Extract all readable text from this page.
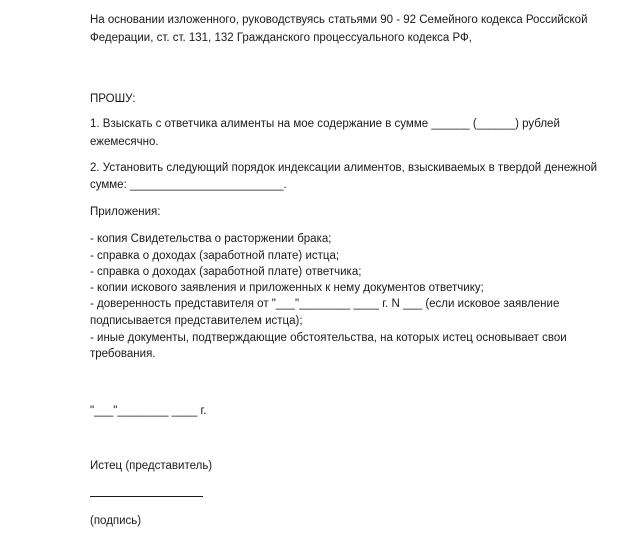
На основании изложенного, руководствуясь статьями 90 - 92 Семейного кодекса Российской
Федерации, ст. ст. 131, 132 Гражданского процессуального кодекса РФ,
ПРОШУ:
1. Взыскать с ответчика алименты на мое содержание в сумме ______ (______) рублей
ежемесячно.
2. Установить следующий порядок индексации алиментов, взыскиваемых в твердой денежной
сумме: ________________________.
Приложения:
- копия Свидетельства о расторжении брака;
- справка о доходах (заработной плате) истца;
- справка о доходах (заработной плате) ответчика;
- копии искового заявления и приложенных к нему документов ответчику;
- доверенность представителя от "___"________ ____ г. N ___ (если исковое заявление
подписывается представителем истца);
- иные документы, подтверждающие обстоятельства, на которых истец основывает свои
требования.
"___"________ ____ г.
Истец (представитель)
(подпись)
